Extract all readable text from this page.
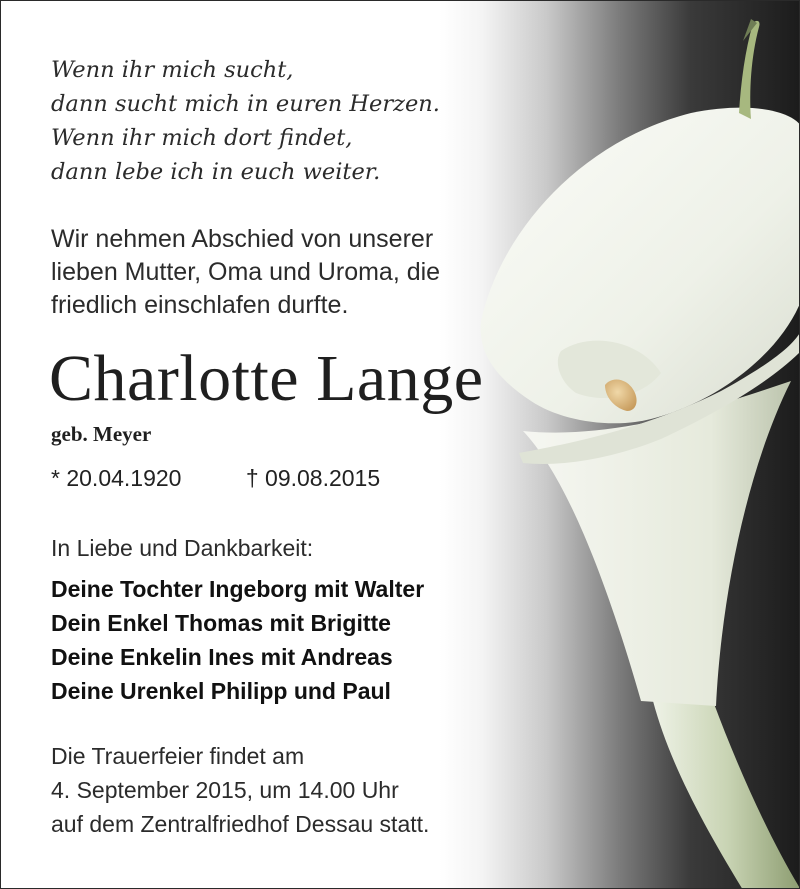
Wenn ihr mich sucht,
dann sucht mich in euren Herzen.
Wenn ihr mich dort findet,
dann lebe ich in euch weiter.
Wir nehmen Abschied von unserer
lieben Mutter, Oma und Uroma, die
friedlich einschlafen durfte.
Charlotte Lange
geb. Meyer
* 20.04.1920	† 09.08.2015
In Liebe und Dankbarkeit:
Deine Tochter Ingeborg mit Walter
Dein Enkel Thomas mit Brigitte
Deine Enkelin Ines mit Andreas
Deine Urenkel Philipp und Paul
Die Trauerfeier findet am
4. September 2015, um 14.00 Uhr
auf dem Zentralfriedhof Dessau statt.
